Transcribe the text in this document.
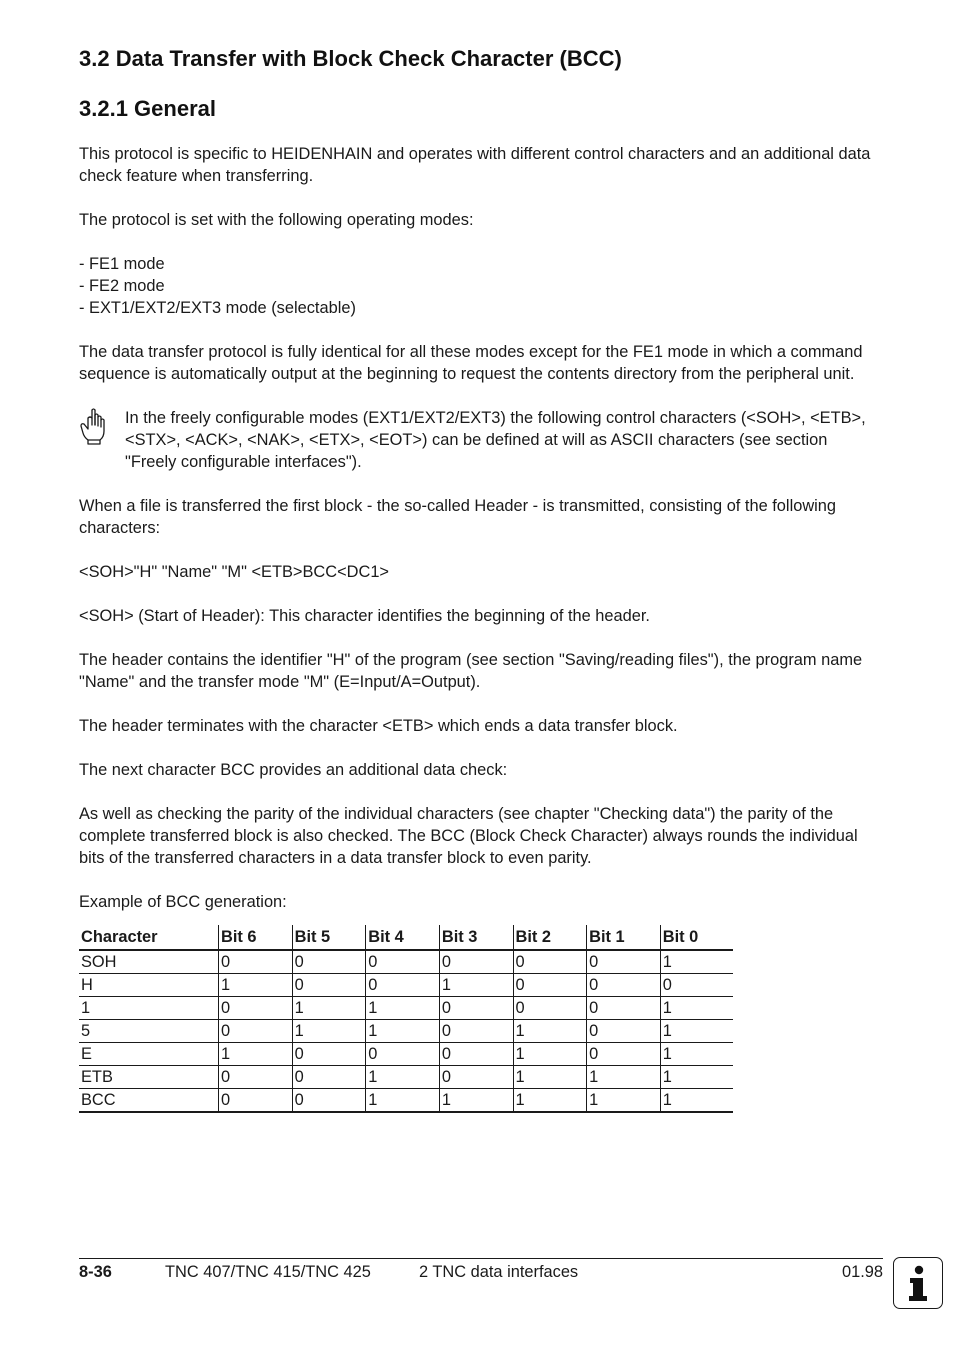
3.2 Data Transfer with Block Check Character (BCC)
3.2.1 General

This protocol is specific to HEIDENHAIN and operates with different control characters and an additional data check feature when transferring.

The protocol is set with the following operating modes:

- FE1 mode
- FE2 mode
- EXT1/EXT2/EXT3 mode (selectable)

The data transfer protocol is fully identical for all these modes except for the FE1 mode in which a command sequence is automatically output at the beginning to request the contents directory from the peripheral unit.

In the freely configurable modes (EXT1/EXT2/EXT3) the following control characters (<SOH>, <ETB>, <STX>, <ACK>, <NAK>, <ETX>, <EOT>) can be defined at will as ASCII characters (see section "Freely configurable interfaces").

When a file is transferred the first block - the so-called Header - is transmitted, consisting of the following characters:

<SOH>"H" "Name" "M" <ETB>BCC<DC1>

<SOH> (Start of Header): This character identifies the beginning of the header.

The header contains the identifier "H" of the program (see section "Saving/reading files"), the program name "Name" and the transfer mode "M" (E=Input/A=Output).

The header terminates with the character <ETB> which ends a data transfer block.

The next character BCC provides an additional data check:

As well as checking the parity of the individual characters (see chapter "Checking data") the parity of the complete transferred block is also checked. The BCC (Block Check Character) always rounds the individual bits of the transferred characters in a data transfer block to even parity.

Example of BCC generation:

Character	Bit 6	Bit 5	Bit 4	Bit 3	Bit 2	Bit 1	Bit 0
SOH	0	0	0	0	0	0	1
H	1	0	0	1	0	0	0
1	0	1	1	0	0	0	1
5	0	1	1	0	1	0	1
E	1	0	0	0	1	0	1
ETB	0	0	1	0	1	1	1
BCC	0	0	1	1	1	1	1
8-36	TNC 407/TNC 415/TNC 425	2 TNC data interfaces	01.98
